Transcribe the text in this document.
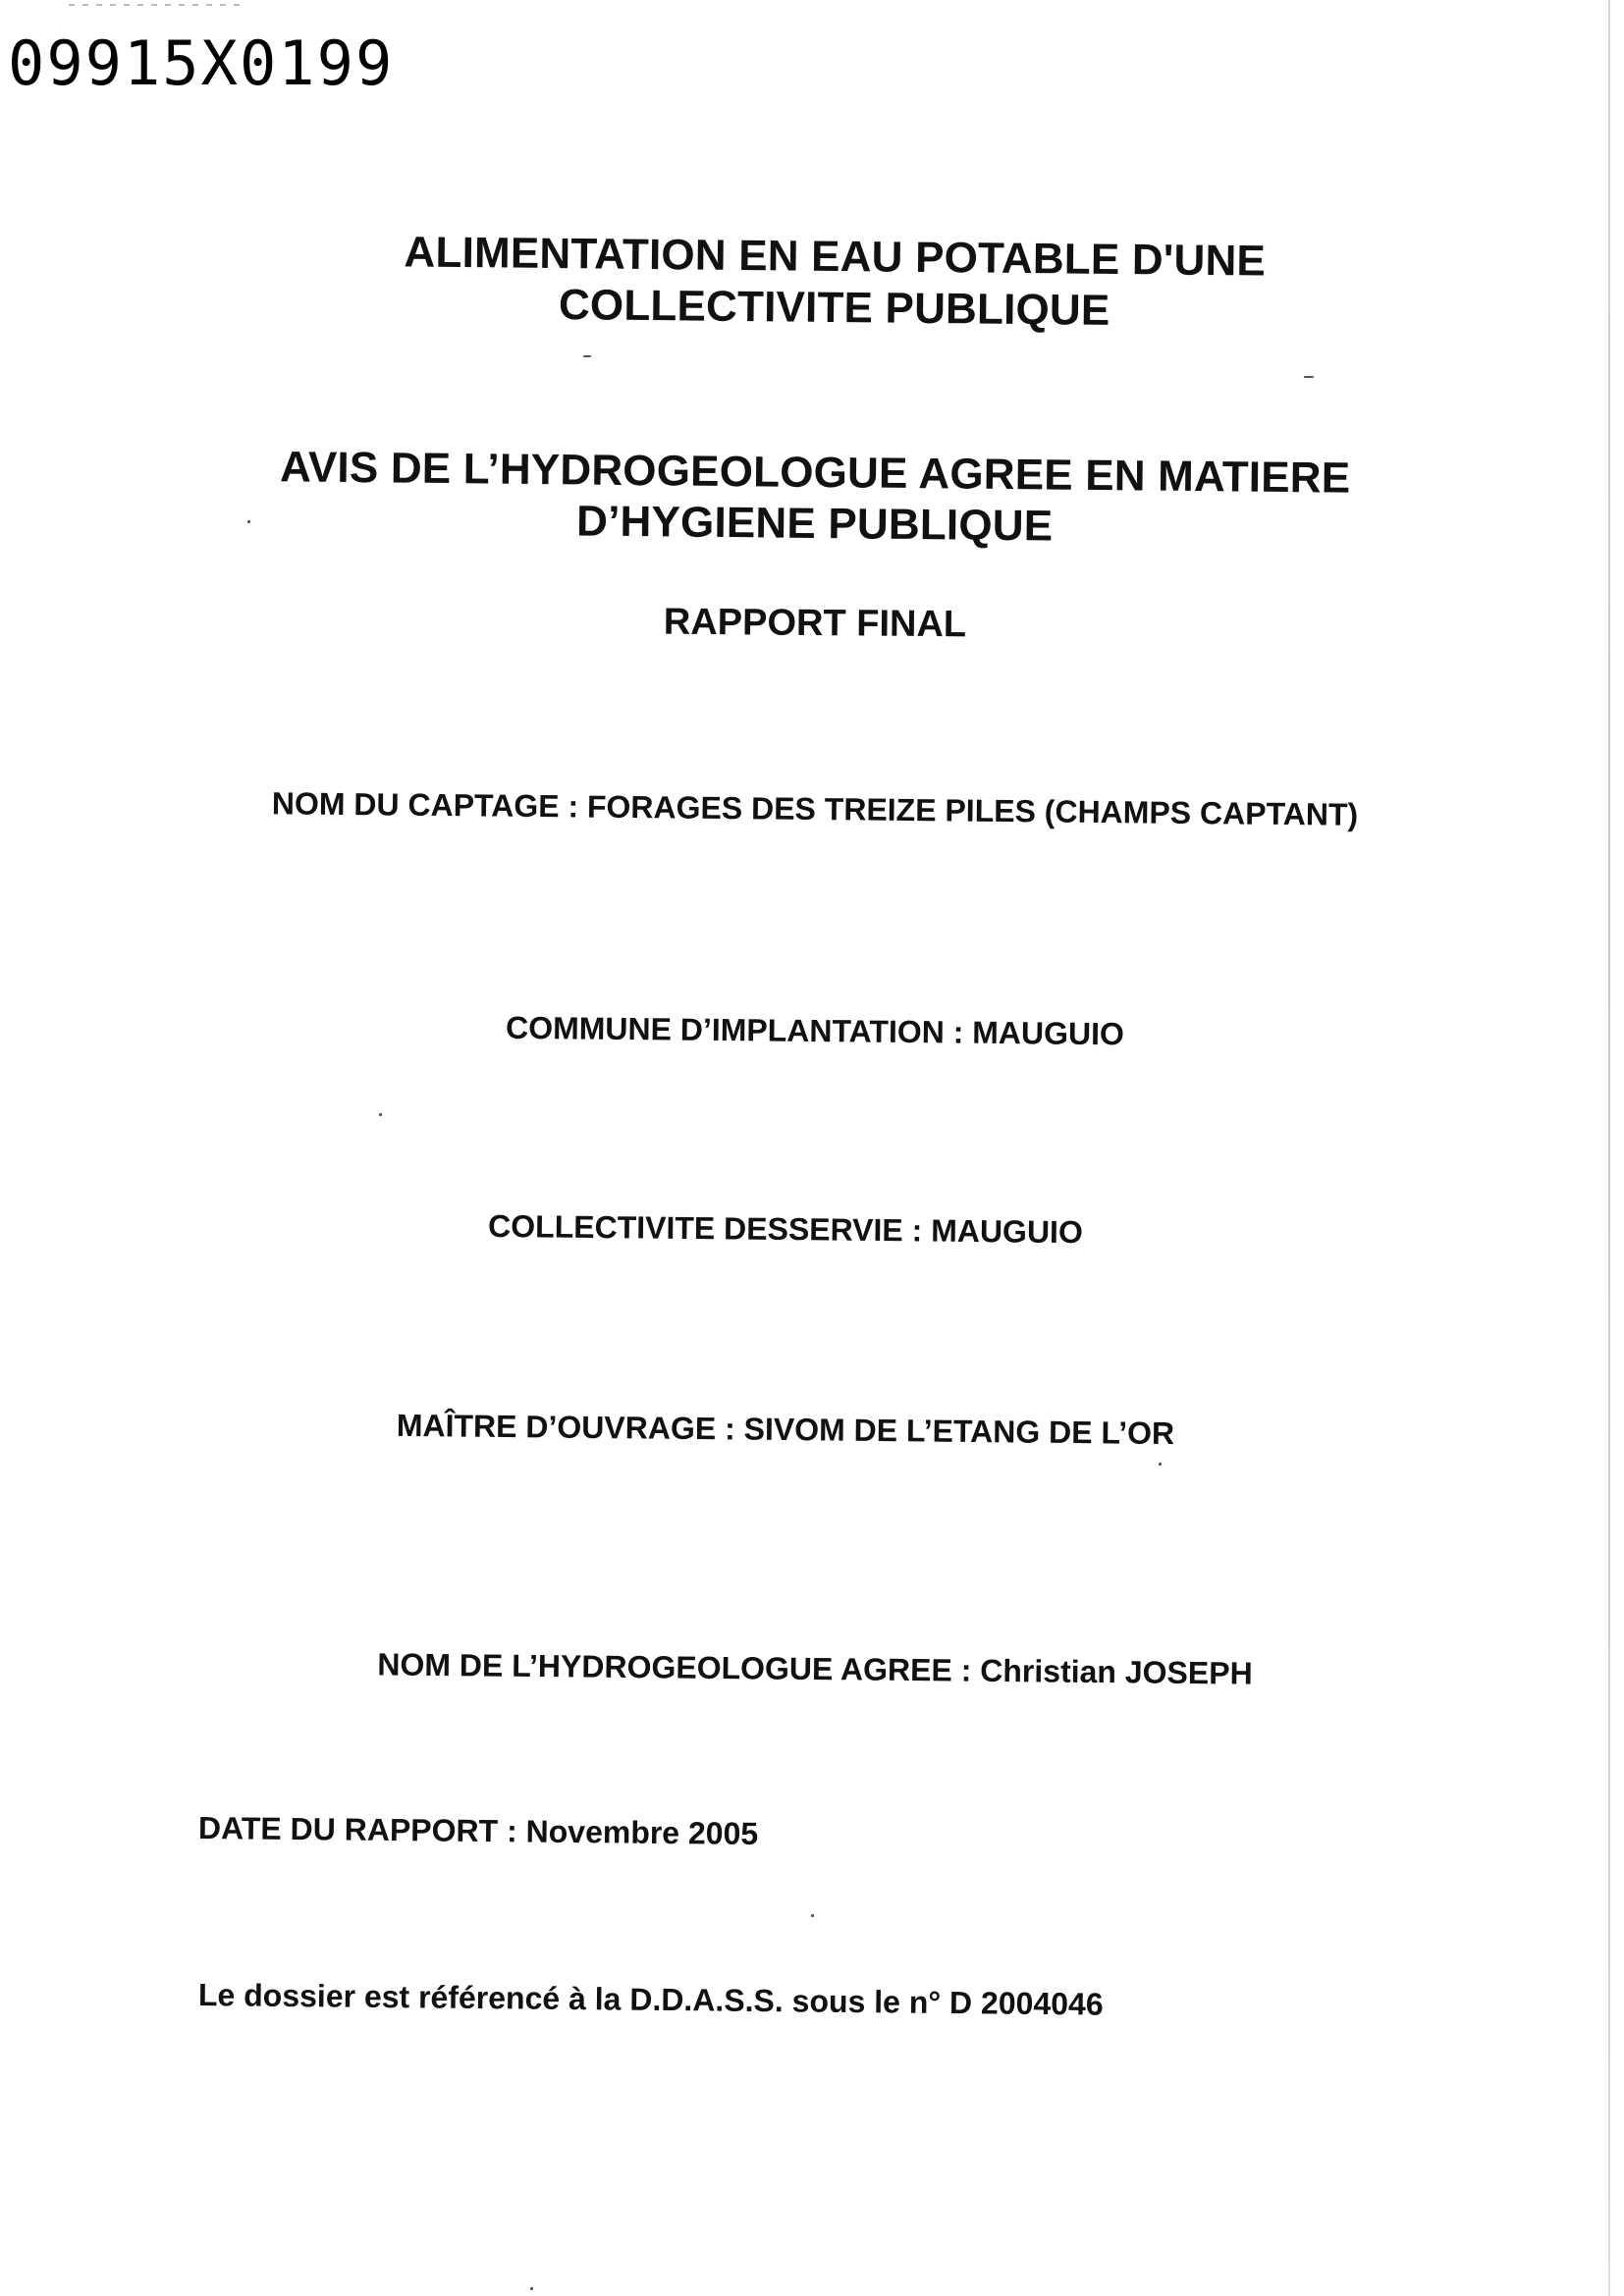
09915X0199
ALIMENTATION EN EAU POTABLE D'UNE
COLLECTIVITE PUBLIQUE
AVIS DE L’HYDROGEOLOGUE AGREE EN MATIERE
D’HYGIENE PUBLIQUE
RAPPORT FINAL
NOM DU CAPTAGE : FORAGES DES TREIZE PILES (CHAMPS CAPTANT)
COMMUNE D’IMPLANTATION : MAUGUIO
COLLECTIVITE DESSERVIE : MAUGUIO
MAÎTRE D’OUVRAGE : SIVOM DE L’ETANG DE L’OR
NOM DE L’HYDROGEOLOGUE AGREE : Christian JOSEPH
DATE DU RAPPORT : Novembre 2005
Le dossier est référencé à la D.D.A.S.S. sous le n° D 2004046
